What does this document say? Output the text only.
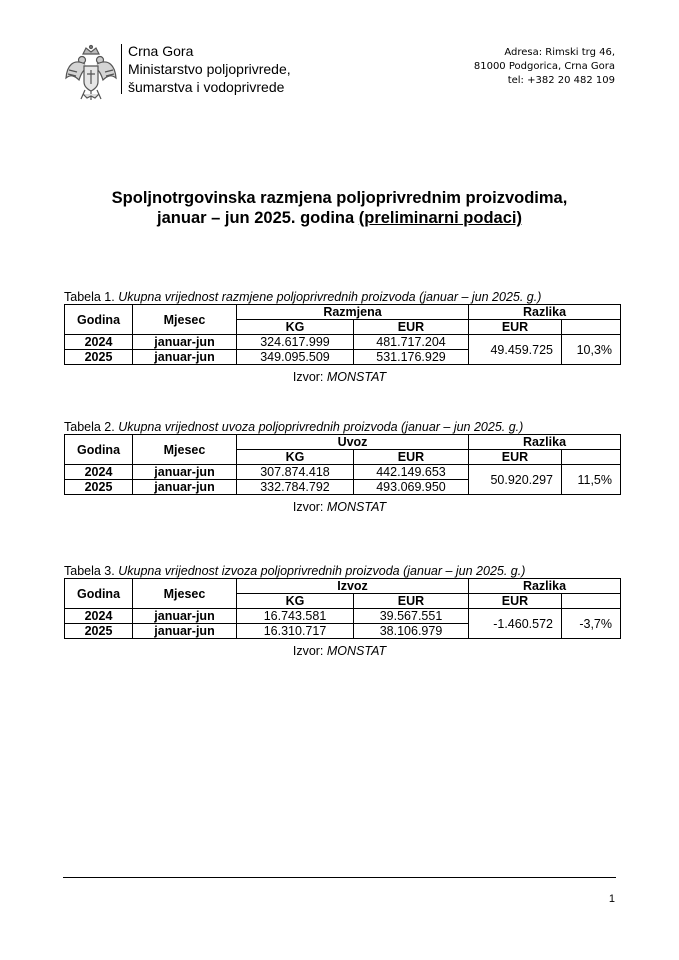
Crna Gora
Ministarstvo poljoprivrede,
šumarstva i vodoprivrede
Adresa: Rimski trg 46,
81000 Podgorica, Crna Gora
tel: +382 20 482 109
Spoljnotrgovinska razmjena poljoprivrednim proizvodima,
januar – jun 2025. godina (preliminarni podaci)
Tabela 1. Ukupna vrijednost razmjene poljoprivrednih proizvoda (januar – jun 2025. g.)
Godina	Mjesec	Razmjena		Razlika	
		KG	EUR	EUR	
2024	januar-jun	324.617.999	481.717.204	49.459.725	10,3%
2025	januar-jun	349.095.509	531.176.929		
Izvor: MONSTAT
Tabela 2. Ukupna vrijednost uvoza poljoprivrednih proizvoda (januar – jun 2025. g.)
Godina	Mjesec	Uvoz		Razlika	
		KG	EUR	EUR	
2024	januar-jun	307.874.418	442.149.653	50.920.297	11,5%
2025	januar-jun	332.784.792	493.069.950		
Izvor: MONSTAT
Tabela 3. Ukupna vrijednost izvoza poljoprivrednih proizvoda (januar – jun 2025. g.)
Godina	Mjesec	Izvoz		Razlika	
		KG	EUR	EUR	
2024	januar-jun	16.743.581	39.567.551	-1.460.572	-3,7%
2025	januar-jun	16.310.717	38.106.979		
Izvor: MONSTAT
1
